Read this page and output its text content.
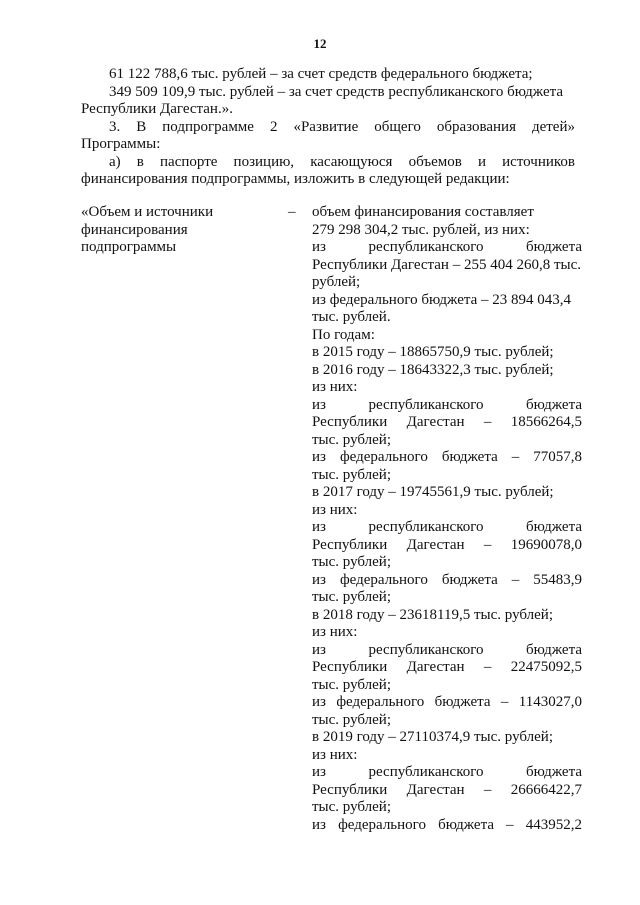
12

61 122 788,6 тыс. рублей – за счет средств федерального бюджета;

349 509 109,9 тыс. рублей – за счет средств республиканского бюджета

Республики Дагестан.».

3. В подпрограмме 2 «Развитие общего образования детей»

Программы:

а) в паспорте позицию, касающуюся объемов и источников

финансирования подпрограммы, изложить в следующей редакции:

«Объем и источники
финансирования
подпрограммы
– объем финансирования составляет
279 298 304,2 тыс. рублей, из них:
из	республиканского	бюджета
Республики Дагестан – 255 404 260,8 тыс.
рублей;
из федерального бюджета – 23 894 043,4
тыс. рублей.
По годам:
в 2015 году – 18865750,9 тыс. рублей;
в 2016 году – 18643322,3 тыс. рублей;
из них:
из	республиканского	бюджета
Республики Дагестан – 18566264,5
тыс. рублей;
из федерального бюджета – 77057,8
тыс. рублей;
в 2017 году – 19745561,9 тыс. рублей;
из них:
из	республиканского	бюджета
Республики Дагестан – 19690078,0
тыс. рублей;
из федерального бюджета – 55483,9
тыс. рублей;
в 2018 году – 23618119,5 тыс. рублей;
из них:
из	республиканского	бюджета
Республики Дагестан – 22475092,5
тыс. рублей;
из федерального бюджета – 1143027,0
тыс. рублей;
в 2019 году – 27110374,9 тыс. рублей;
из них:
из	республиканского	бюджета
Республики Дагестан – 26666422,7
тыс. рублей;
из федерального бюджета – 443952,2
